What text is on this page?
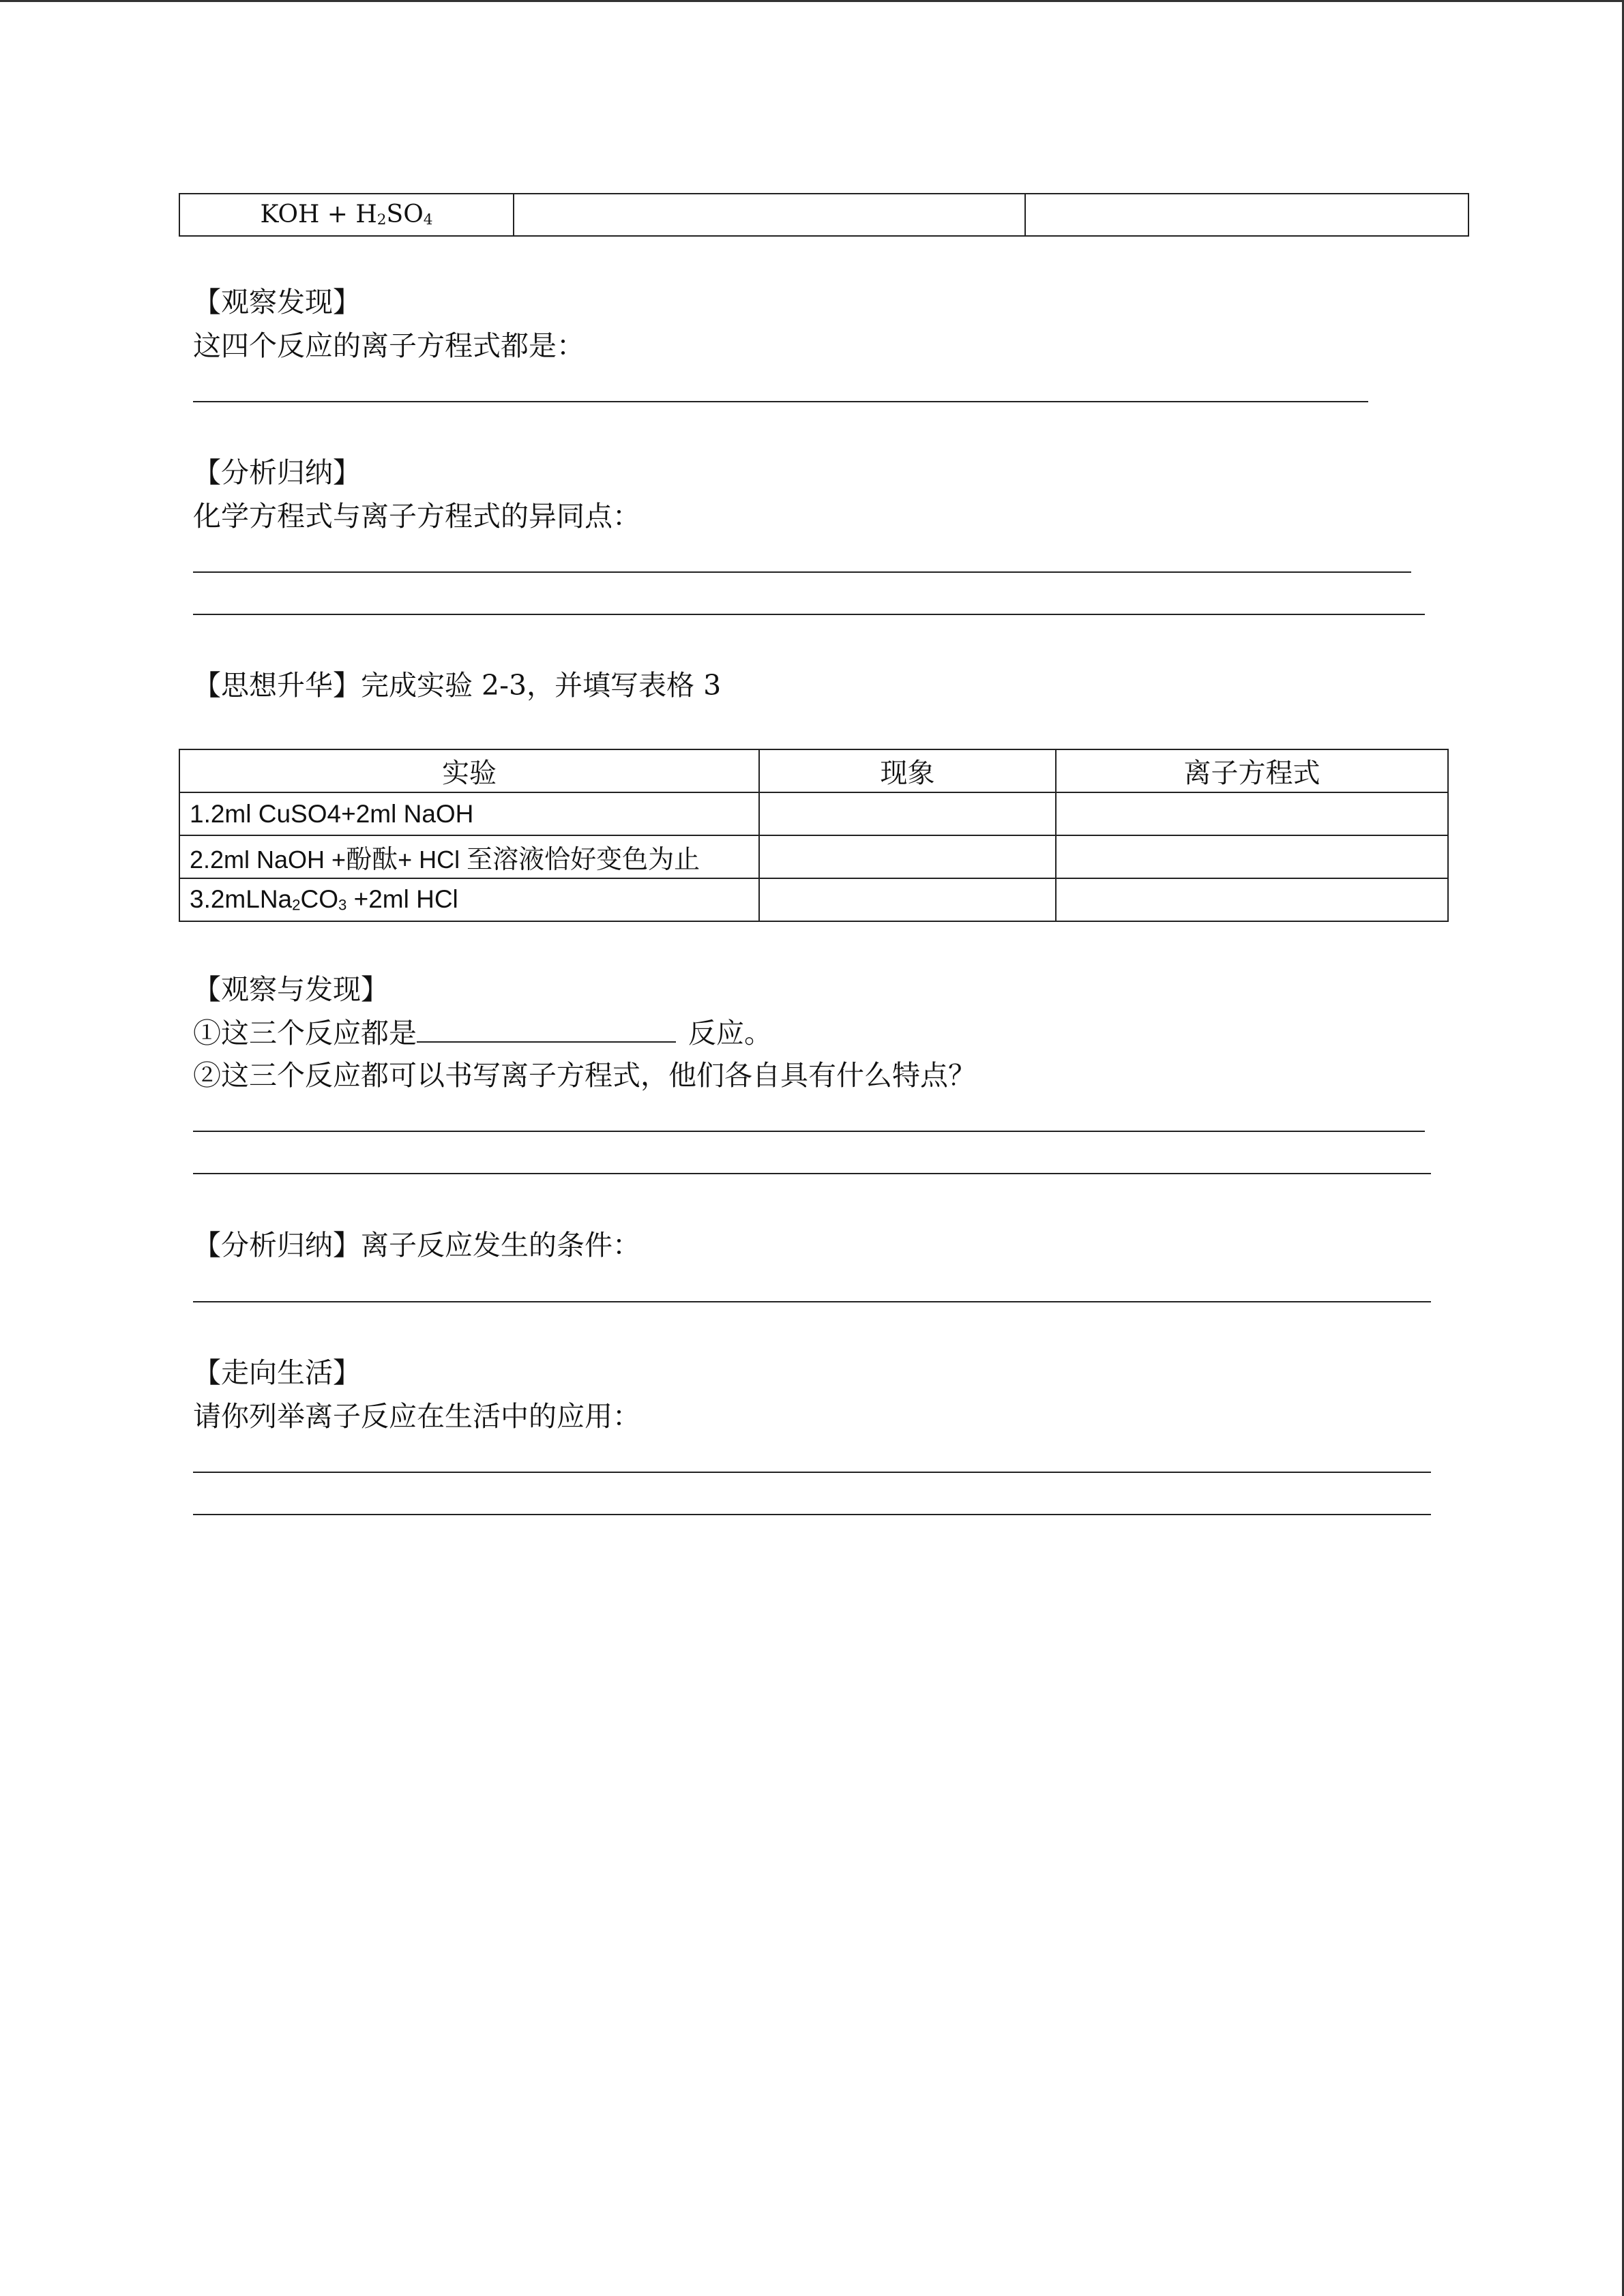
KOH + $H_2SO_4$		
【观察发现】
这四个反应的离子方程式都是：
【分析归纳】
化学方程式与离子方程式的异同点：
【思想升华】完成实验 2-3，并填写表格 3
实验	现象	离子方程式
1.2ml CuSO4+2ml NaOH		
2.2ml NaOH +酚酞+ HCl 至溶液恰好变色为止		
$3.2mLNa_2CO_3 +2ml$ HCl		
【观察与发现】
①这三个反应都是	反应。
②这三个反应都可以书写离子方程式，他们各自具有什么特点？
【分析归纳】离子反应发生的条件：
【走向生活】
请你列举离子反应在生活中的应用：
